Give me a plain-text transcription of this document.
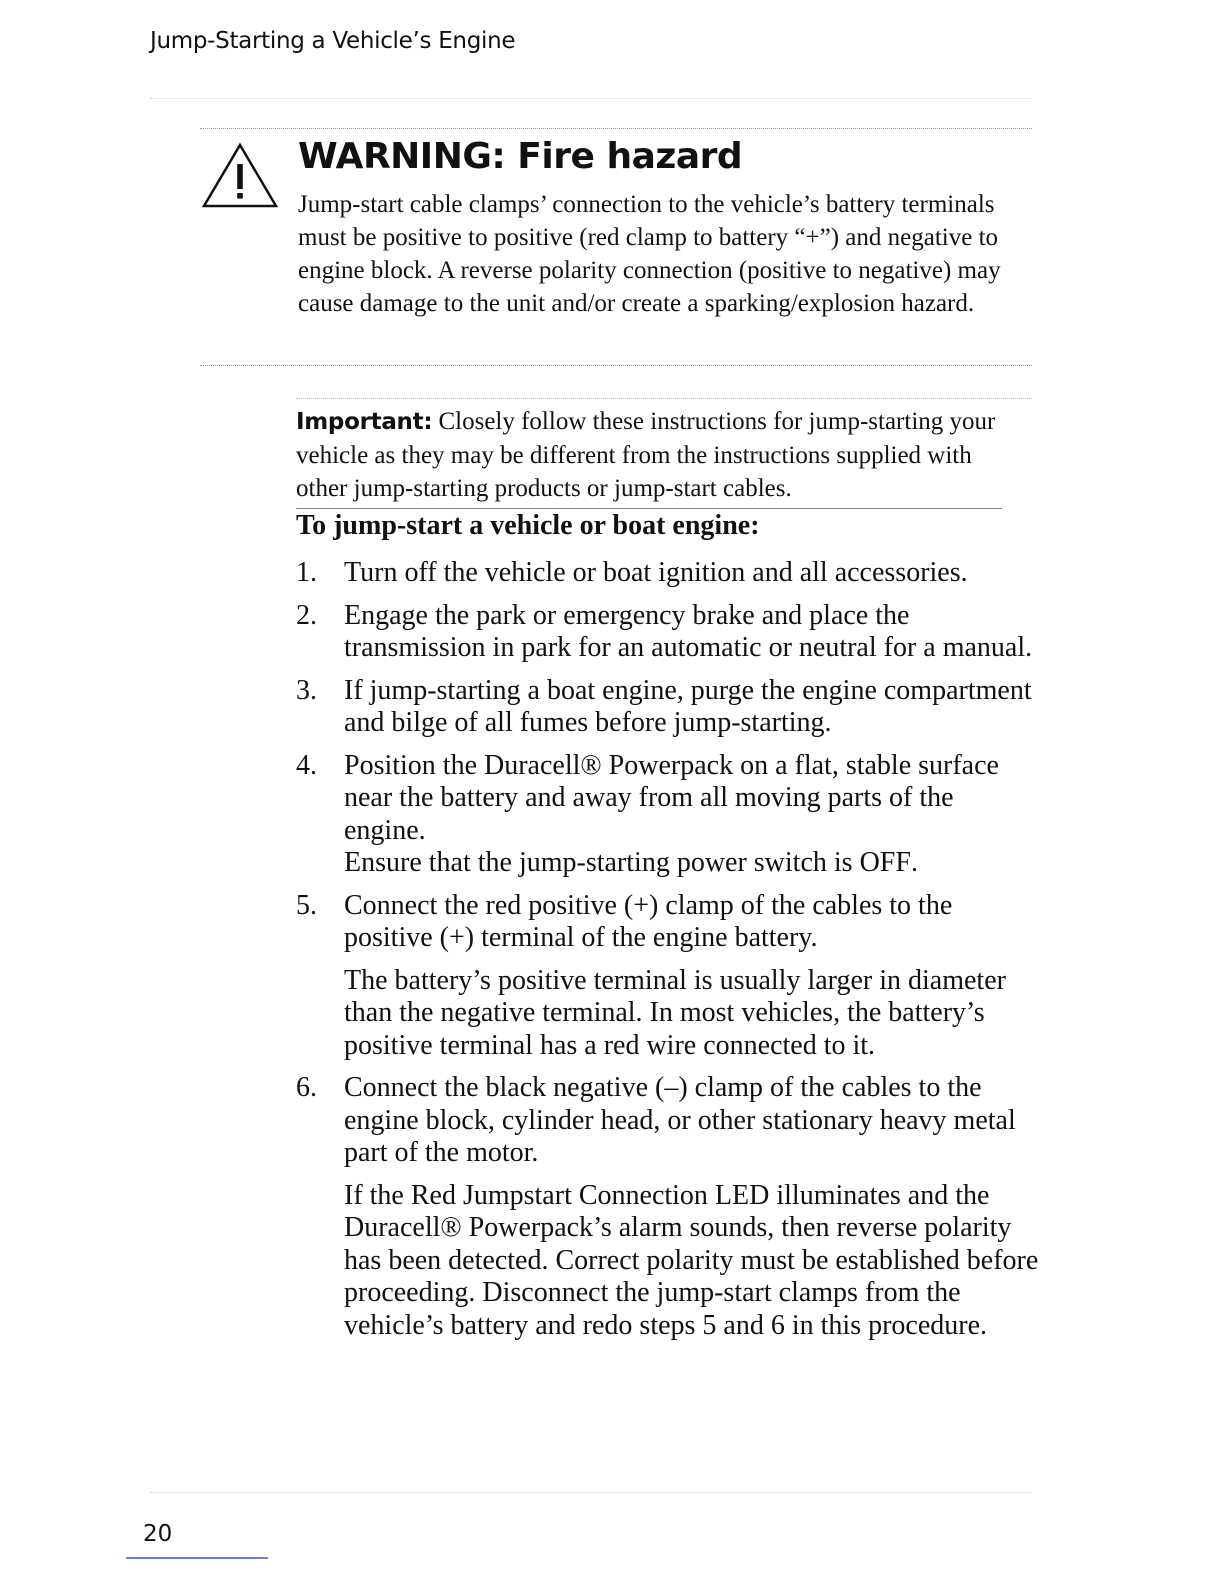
Jump-Starting a Vehicle’s Engine
WARNING: Fire hazard
Jump-start cable clamps’ connection to the vehicle’s battery terminals must be positive to positive (red clamp to battery “+”) and negative to engine block. A reverse polarity connection (positive to negative) may cause damage to the unit and/or create a sparking/explosion hazard.
Important: Closely follow these instructions for jump-starting your vehicle as they may be different from the instructions supplied with other jump-starting products or jump-start cables.
To jump-start a vehicle or boat engine:
1. Turn off the vehicle or boat ignition and all accessories.
2. Engage the park or emergency brake and place the transmission in park for an automatic or neutral for a manual.
3. If jump-starting a boat engine, purge the engine compartment and bilge of all fumes before jump-starting.
4. Position the Duracell® Powerpack on a flat, stable surface near the battery and away from all moving parts of the engine.
Ensure that the jump-starting power switch is OFF.
5. Connect the red positive (+) clamp of the cables to the positive (+) terminal of the engine battery.
The battery’s positive terminal is usually larger in diameter than the negative terminal. In most vehicles, the battery’s positive terminal has a red wire connected to it.
6. Connect the black negative (–) clamp of the cables to the engine block, cylinder head, or other stationary heavy metal part of the motor.
If the Red Jumpstart Connection LED illuminates and the Duracell® Powerpack’s alarm sounds, then reverse polarity has been detected. Correct polarity must be established before proceeding. Disconnect the jump-start clamps from the vehicle’s battery and redo steps 5 and 6 in this procedure.
20
